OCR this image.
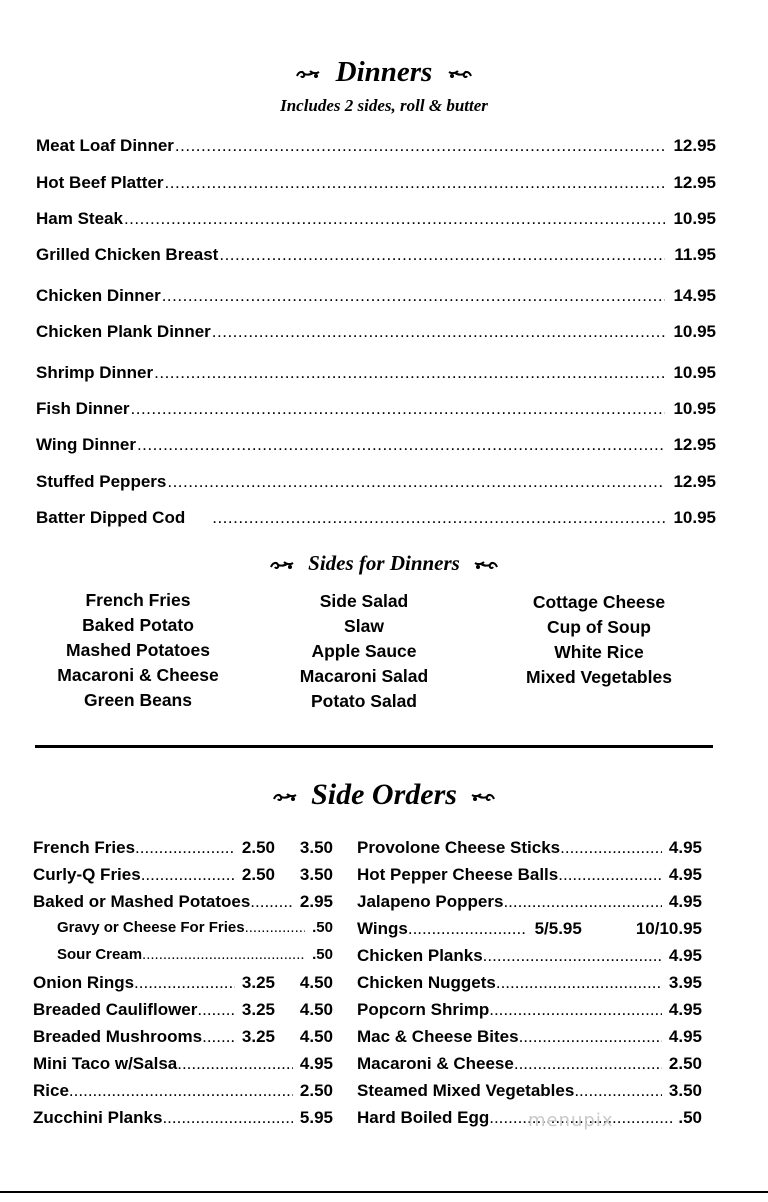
Dinners
Includes 2 sides, roll & butter
Meat Loaf Dinner .....	12.95
Hot Beef Platter .....	12.95
Ham Steak .....	10.95
Grilled Chicken Breast .....	11.95
Chicken Dinner .....	14.95
Chicken Plank Dinner .....	10.95
Shrimp Dinner .....	10.95
Fish Dinner .....	10.95
Wing Dinner .....	12.95
Stuffed Peppers .....	12.95
Batter Dipped Cod .....	10.95
Sides for Dinners
French Fries
Baked Potato
Mashed Potatoes
Macaroni & Cheese
Green Beans
Side Salad
Slaw
Apple Sauce
Macaroni Salad
Potato Salad
Cottage Cheese
Cup of Soup
White Rice
Mixed Vegetables
Side Orders
French Fries .....	2.50	3.50
Curly-Q Fries .....	2.50	3.50
Baked or Mashed Potatoes .....	2.95
Gravy or Cheese For Fries .....	.50
Sour Cream .....	.50
Onion Rings .....	3.25	4.50
Breaded Cauliflower .....	3.25	4.50
Breaded Mushrooms .....	3.25	4.50
Mini Taco w/Salsa .....	4.95
Rice .....	2.50
Zucchini Planks .....	5.95
Provolone Cheese Sticks .....	4.95
Hot Pepper Cheese Balls .....	4.95
Jalapeno Poppers .....	4.95
Wings .....	5/5.95	10/10.95
Chicken Planks .....	4.95
Chicken Nuggets .....	3.95
Popcorn Shrimp .....	4.95
Mac & Cheese Bites .....	4.95
Macaroni & Cheese .....	2.50
Steamed Mixed Vegetables .....	3.50
Hard Boiled Egg .....	.50
menupix
